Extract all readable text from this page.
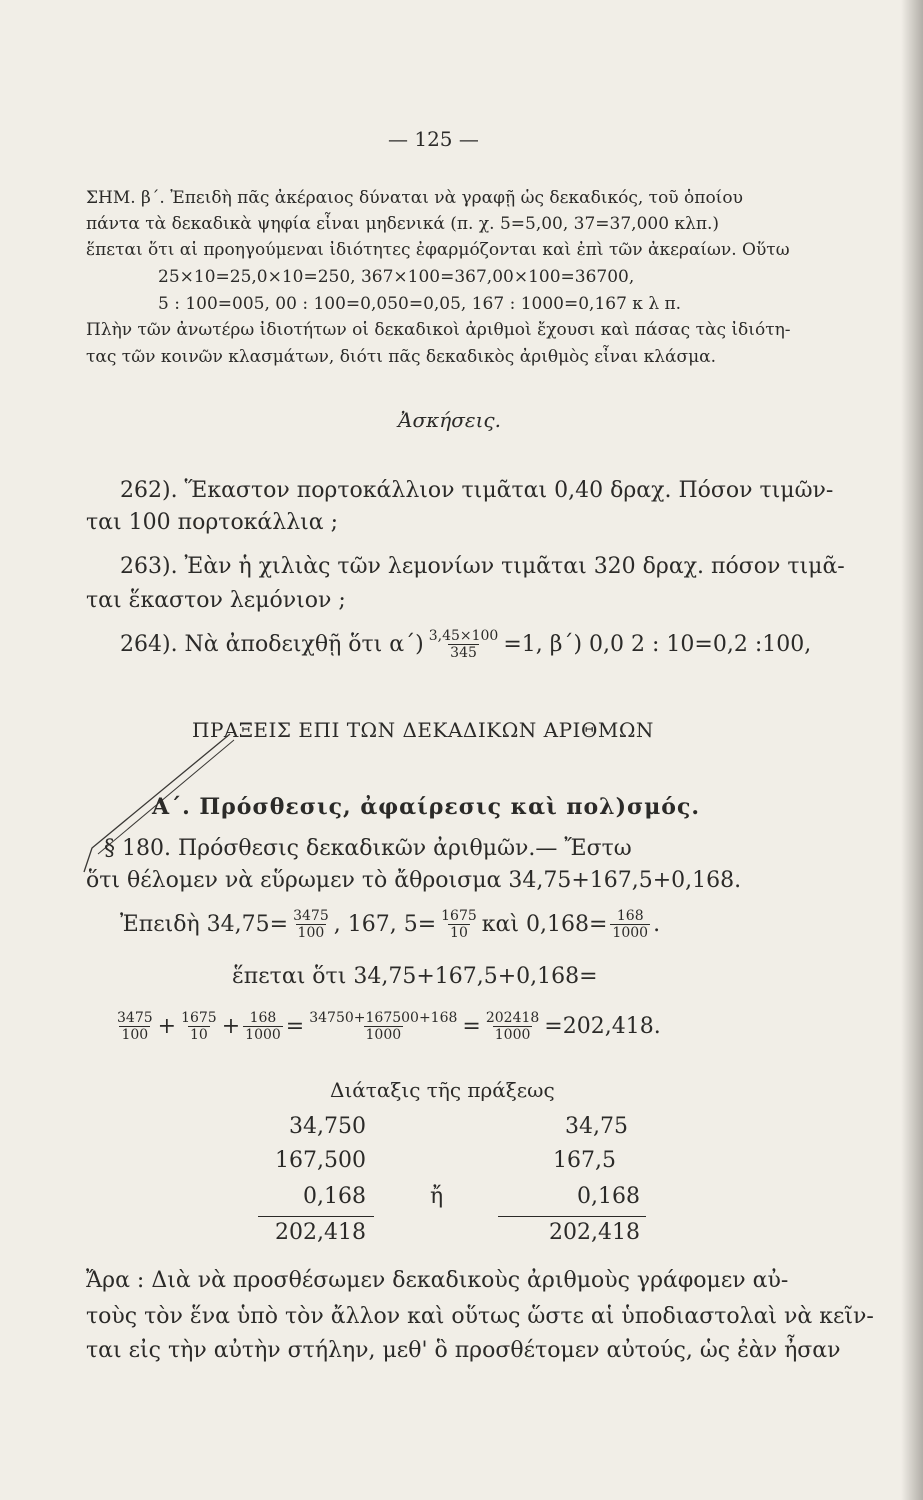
— 125 —
ΣΗΜ. β΄. Ἐπειδὴ πᾶς ἀκέραιος δύναται νὰ γραφῇ ὡς δεκαδικός, τοῦ ὁποίου
πάντα τὰ δεκαδικὰ ψηφία εἶναι μηδενικά (π. χ. 5=5,00, 37=37,000 κλπ.)
ἕπεται ὅτι αἱ προηγούμεναι ἰδιότητες ἐφαρμόζονται καὶ ἐπὶ τῶν ἀκεραίων. Οὕτω
25×10=25,0×10=250, 367×100=367,00×100=36700,
5 : 100=005, 00 : 100=0,050=0,05, 167 : 1000=0,167 κ λ π.
Πλὴν τῶν ἀνωτέρω ἰδιοτήτων οἱ δεκαδικοὶ ἀριθμοὶ ἔχουσι καὶ πάσας τὰς ἰδιότη-
τας τῶν κοινῶν κλασμάτων, διότι πᾶς δεκαδικὸς ἀριθμὸς εἶναι κλάσμα.
Ἀσκήσεις.
262). Ἕκαστον πορτοκάλλιον τιμᾶται 0,40 δραχ. Πόσον τιμῶν-
ται 100 πορτοκάλλια ;
263). Ἐὰν ἡ χιλιὰς τῶν λεμονίων τιμᾶται 320 δραχ. πόσον τιμᾶ-
ται ἕκαστον λεμόνιον ;
264). Νὰ ἀποδειχθῇ ὅτι $\alpha΄) \frac{3,45\times 100}{345} =1$, β΄) 0,0 2 : 10=0,2 :100,
ΠΡΑΞΕΙΣ ΕΠΙ ΤΩΝ ΔΕΚΑΔΙΚΩΝ ΑΡΙΘΜΩΝ
Α΄. Πρόσθεσις, ἀφαίρεσις καὶ πολ)σμός.
§ 180. Πρόσθεσις δεκαδικῶν ἀριθμῶν.— Ἔστω
ὅτι θέλομεν νὰ εὕρωμεν τὸ ἄθροισμα 34,75+167,5+0,168.
Ἐπειδὴ $34,75= \frac{3475}{100}$ , 167, $5= \frac{1675}{10}$ καὶ $0,168= \frac{168}{1000}$ .
ἕπεται ὅτι 34,75+167,5+0,168=
$\frac{3475}{100} + \frac{1675}{10} + \frac{168}{1000} = \frac{34750+167500+168}{1000} = \frac{202418}{1000} =202,418$.
Διάταξις τῆς πράξεως
34,750
167,500
0,168
202,418
ἤ
34,75
167,5
0,168
202,418
Ἄρα : Διὰ νὰ προσθέσωμεν δεκαδικοὺς ἀριθμοὺς γράφομεν αὐ-
τοὺς τὸν ἕνα ὑπὸ τὸν ἄλλον καὶ οὕτως ὥστε αἱ ὑποδιαστολαὶ νὰ κεῖν-
ται εἰς τὴν αὐτὴν στήλην, μεθ' ὃ προσθέτομεν αὐτούς, ὡς ἐὰν ἦσαν
